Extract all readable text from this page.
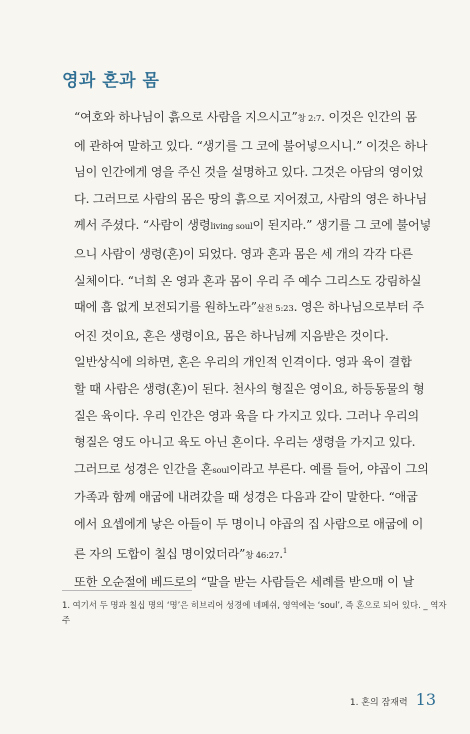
영과 혼과 몸

“여호와 하나님이 흙으로 사람을 지으시고”창 2:7. 이것은 인간의 몸
에 관하여 말하고 있다. “생기를 그 코에 불어넣으시니.” 이것은 하나
님이 인간에게 영을 주신 것을 설명하고 있다. 그것은 아담의 영이었
다. 그러므로 사람의 몸은 땅의 흙으로 지어졌고, 사람의 영은 하나님
께서 주셨다. “사람이 생령living soul이 된지라.” 생기를 그 코에 불어넣
으니 사람이 생령(혼)이 되었다. 영과 혼과 몸은 세 개의 각각 다른
실체이다. “너희 온 영과 혼과 몸이 우리 주 예수 그리스도 강림하실
때에 흠 없게 보전되기를 원하노라”살전 5:23. 영은 하나님으로부터 주
어진 것이요, 혼은 생령이요, 몸은 하나님께 지음받은 것이다.

일반상식에 의하면, 혼은 우리의 개인적 인격이다. 영과 육이 결합
할 때 사람은 생령(혼)이 된다. 천사의 형질은 영이요, 하등동물의 형
질은 육이다. 우리 인간은 영과 육을 다 가지고 있다. 그러나 우리의
형질은 영도 아니고 육도 아닌 혼이다. 우리는 생령을 가지고 있다.
그러므로 성경은 인간을 혼soul이라고 부른다. 예를 들어, 야곱이 그의
가족과 함께 애굽에 내려갔을 때 성경은 다음과 같이 말한다. “애굽
에서 요셉에게 낳은 아들이 두 명이니 야곱의 집 사람으로 애굽에 이
른 자의 도합이 칠십 명이었더라”창 46:27.$^1$

또한 오순절에 베드로의 “말을 받는 사람들은 세례를 받으매 이 날

1. 여기서 두 명과 칠십 명의 ‘명’은 히브리어 성경에 네페쉬, 영역에는 ‘soul’, 즉 혼으로 되어 있다. _ 역자 주
1. 혼의 잠재력 13
